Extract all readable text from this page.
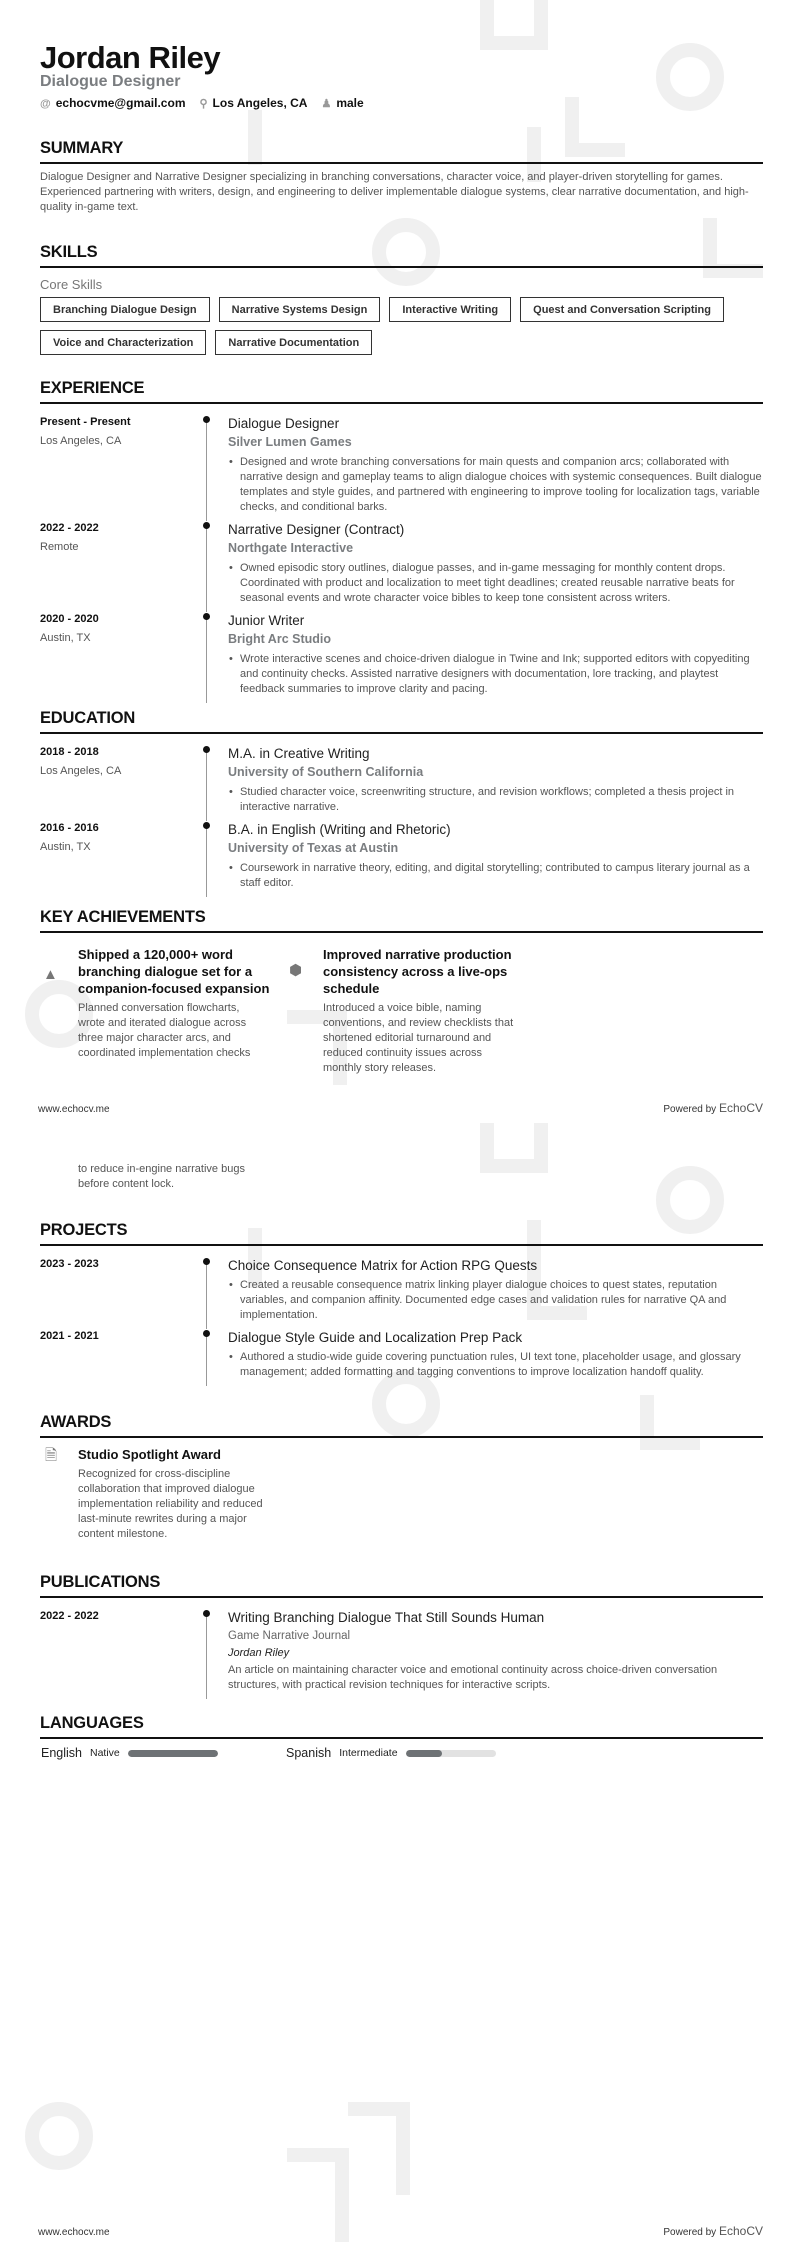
Jordan Riley
Dialogue Designer
@ echocvme@gmail.com ⚲ Los Angeles, CA ♟ male
SUMMARY

Dialogue Designer and Narrative Designer specializing in branching conversations, character voice, and player-driven storytelling for games. Experienced partnering with writers, design, and engineering to deliver implementable dialogue systems, clear narrative documentation, and high-quality in-game text.

SKILLS
Core Skills
Branching Dialogue Design	Narrative Systems Design	Interactive Writing	Quest and Conversation Scripting
Voice and Characterization	Narrative Documentation
EXPERIENCE
Present - Present
Los Angeles, CA
Dialogue Designer
Silver Lumen Games
• Designed and wrote branching conversations for main quests and companion arcs; collaborated with narrative design and gameplay teams to align dialogue choices with systemic consequences. Built dialogue templates and style guides, and partnered with engineering to improve tooling for localization tags, variable checks, and conditional barks.
2022 - 2022
Remote
Narrative Designer (Contract)
Northgate Interactive
• Owned episodic story outlines, dialogue passes, and in-game messaging for monthly content drops. Coordinated with product and localization to meet tight deadlines; created reusable narrative beats for seasonal events and wrote character voice bibles to keep tone consistent across writers.
2020 - 2020
Austin, TX
Junior Writer
Bright Arc Studio
• Wrote interactive scenes and choice-driven dialogue in Twine and Ink; supported editors with copyediting and continuity checks. Assisted narrative designers with documentation, lore tracking, and playtest feedback summaries to improve clarity and pacing.
EDUCATION
2018 - 2018
Los Angeles, CA
M.A. in Creative Writing
University of Southern California
• Studied character voice, screenwriting structure, and revision workflows; completed a thesis project in interactive narrative.
2016 - 2016
Austin, TX
B.A. in English (Writing and Rhetoric)
University of Texas at Austin
• Coursework in narrative theory, editing, and digital storytelling; contributed to campus literary journal as a staff editor.
KEY ACHIEVEMENTS
▲
Shipped a 120,000+ word branching dialogue set for a companion-focused expansion
Planned conversation flowcharts, wrote and iterated dialogue across three major character arcs, and coordinated implementation checks
⬢
Improved narrative production consistency across a live-ops schedule
Introduced a voice bible, naming conventions, and review checklists that shortened editorial turnaround and reduced continuity issues across monthly story releases.
www.echocv.me	Powered by EchoCV
to reduce in-engine narrative bugs before content lock.
PROJECTS
2023 - 2023	Choice Consequence Matrix for Action RPG Quests
• Created a reusable consequence matrix linking player dialogue choices to quest states, reputation variables, and companion affinity. Documented edge cases and validation rules for narrative QA and implementation.
2021 - 2021	Dialogue Style Guide and Localization Prep Pack
• Authored a studio-wide guide covering punctuation rules, UI text tone, placeholder usage, and glossary management; added formatting and tagging conventions to improve localization handoff quality.
AWARDS
🗎 Studio Spotlight Award
Recognized for cross-discipline collaboration that improved dialogue implementation reliability and reduced last-minute rewrites during a major content milestone.
PUBLICATIONS
2022 - 2022	Writing Branching Dialogue That Still Sounds Human
Game Narrative Journal
Jordan Riley
An article on maintaining character voice and emotional continuity across choice-driven conversation structures, with practical revision techniques for interactive scripts.
LANGUAGES
English Native	Spanish Intermediate
www.echocv.me	Powered by EchoCV
